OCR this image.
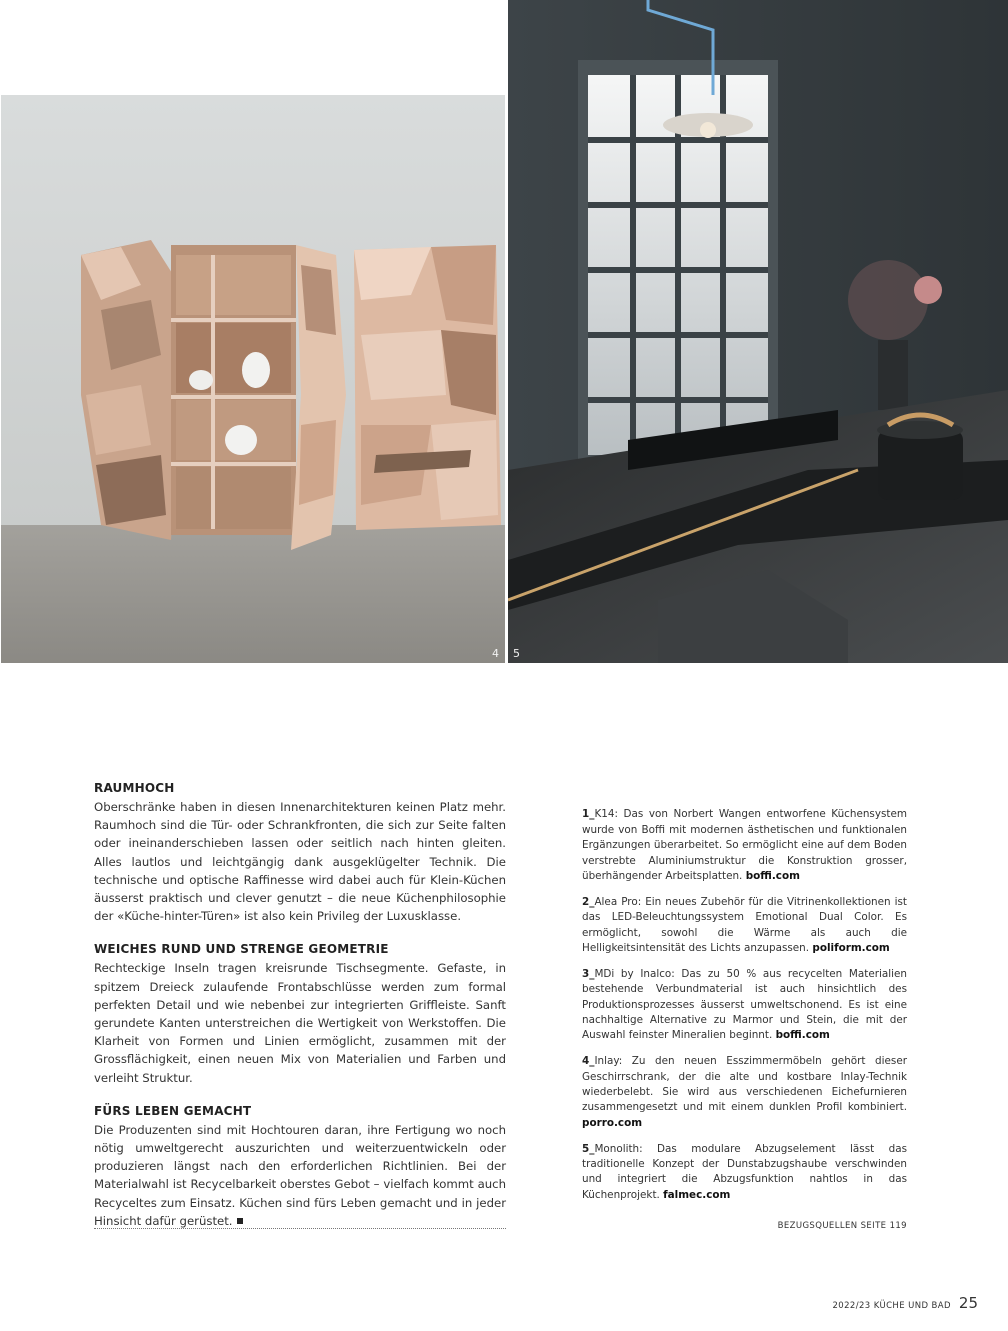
4 5
RAUMHOCH

Oberschränke haben in diesen Innenarchitekturen keinen Platz mehr. Raumhoch sind die Tür- oder Schrankfronten, die sich zur Seite falten oder ineinanderschieben lassen oder seitlich nach hinten gleiten. Alles lautlos und leichtgängig dank ausgeklügelter Technik. Die technische und optische Raffinesse wird dabei auch für Klein-Küchen äusserst praktisch und clever genutzt – die neue Küchenphilosophie der «Küche-hinter-Türen» ist also kein Privileg der Luxusklasse.

WEICHES RUND UND STRENGE GEOMETRIE

Rechteckige Inseln tragen kreisrunde Tischsegmente. Gefaste, in spitzem Dreieck zulaufende Frontabschlüsse werden zum formal perfekten Detail und wie nebenbei zur integrierten Griffleiste. Sanft gerundete Kanten unterstreichen die Wertigkeit von Werkstoffen. Die Klarheit von Formen und Linien ermöglicht, zusammen mit der Grossflächigkeit, einen neuen Mix von Materialien und Farben und verleiht Struktur.

FÜRS LEBEN GEMACHT

Die Produzenten sind mit Hochtouren daran, ihre Fertigung wo noch nötig umweltgerecht auszurichten und weiterzuentwickeln oder produzieren längst nach den erforderlichen Richtlinien. Bei der Materialwahl ist Recycelbarkeit oberstes Gebot – vielfach kommt auch Recyceltes zum Einsatz. Küchen sind fürs Leben gemacht und in jeder Hinsicht dafür gerüstet.

1_K14: Das von Norbert Wangen entworfene Küchensystem wurde von Boffi mit modernen ästhetischen und funktionalen Ergänzungen überarbeitet. So ermöglicht eine auf dem Boden verstrebte Aluminiumstruktur die Konstruktion grosser, überhängender Arbeitsplatten. boffi.com

2_Alea Pro: Ein neues Zubehör für die Vitrinenkollektionen ist das LED-Beleuchtungssystem Emotional Dual Color. Es ermöglicht, sowohl die Wärme als auch die Helligkeitsintensität des Lichts anzupassen. poliform.com

3_MDi by Inalco: Das zu 50 % aus recycelten Materialien bestehende Verbundmaterial ist auch hinsichtlich des Produktionsprozesses äusserst umweltschonend. Es ist eine nachhaltige Alternative zu Marmor und Stein, die mit der Auswahl feinster Mineralien beginnt. boffi.com

4_Inlay: Zu den neuen Esszimmermöbeln gehört dieser Geschirrschrank, der die alte und kostbare Inlay-Technik wiederbelebt. Sie wird aus verschiedenen Eichefurnieren zusammengesetzt und mit einem dunklen Profil kombiniert. porro.com

5_Monolith: Das modulare Abzugselement lässt das traditionelle Konzept der Dunstabzugshaube verschwinden und integriert die Abzugsfunktion nahtlos in das Küchenprojekt. falmec.com

BEZUGSQUELLEN SEITE 119
2022/23 KÜCHE UND BAD 25
